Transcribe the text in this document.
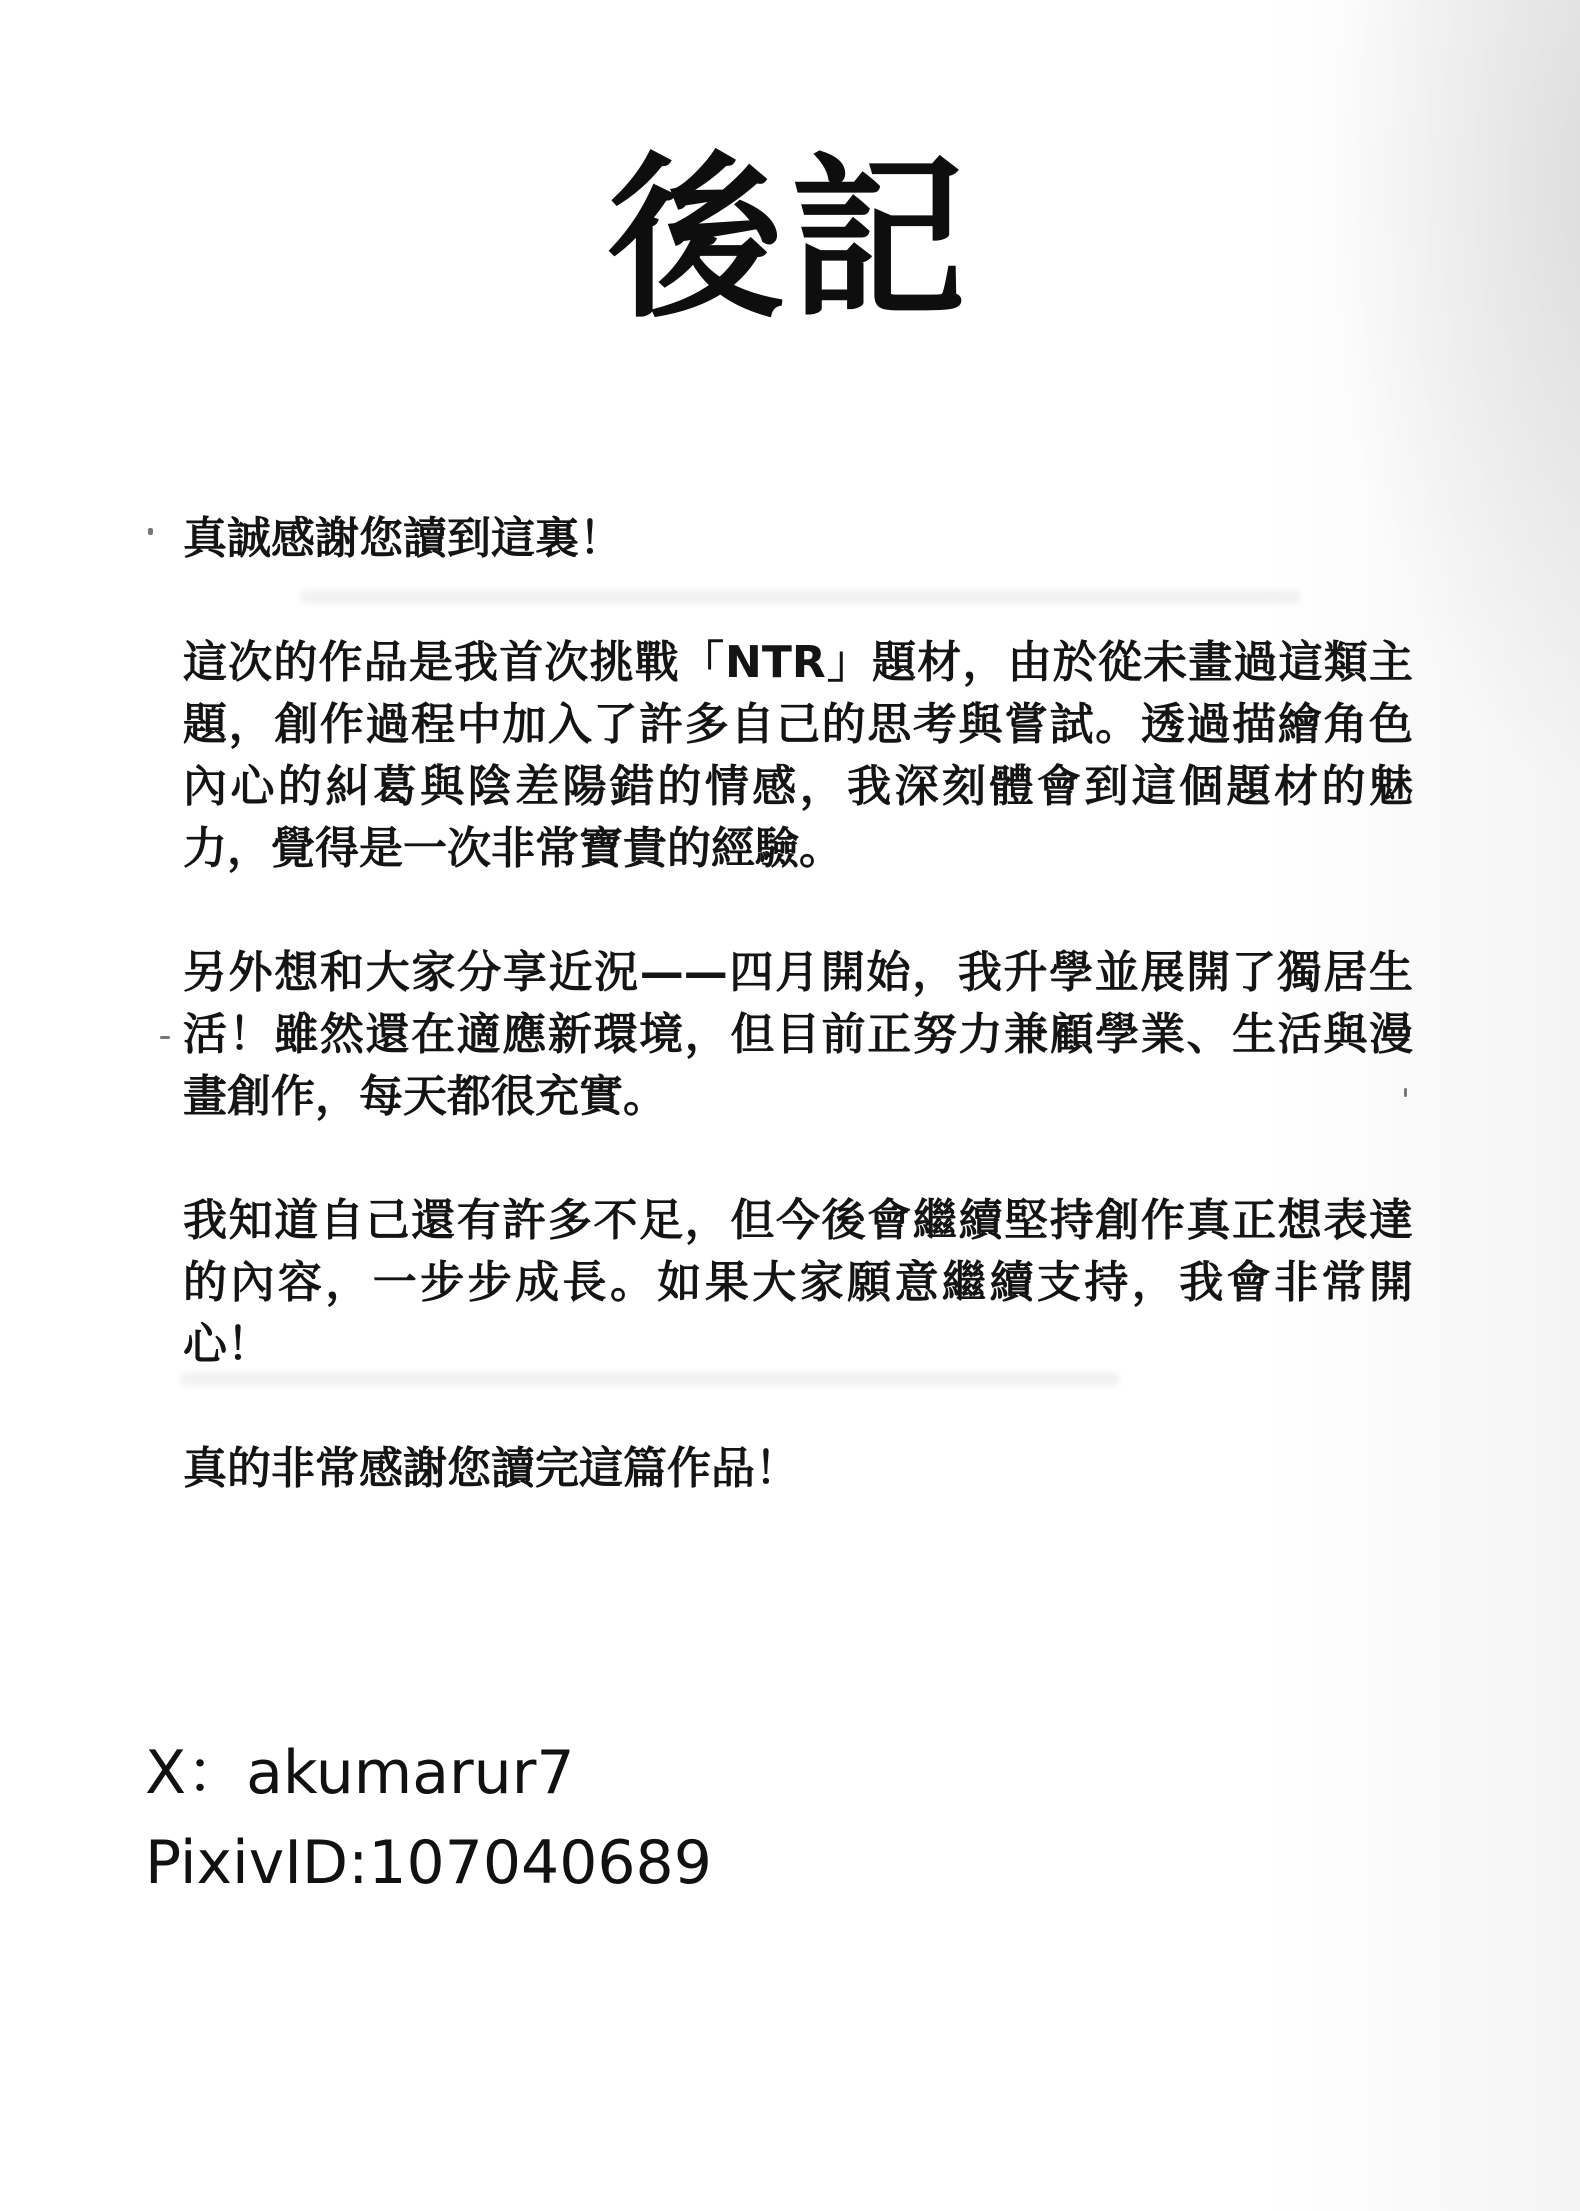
後記

真誠感謝您讀到這裏！

這次的作品是我首次挑戰「NTR」題材，由於從未畫過這類主題，創作過程中加入了許多自己的思考與嘗試。透過描繪角色內心的糾葛與陰差陽錯的情感，我深刻體會到這個題材的魅力，覺得是一次非常寶貴的經驗。

另外想和大家分享近況——四月開始，我升學並展開了獨居生活！雖然還在適應新環境，但目前正努力兼顧學業、生活與漫畫創作，每天都很充實。

我知道自己還有許多不足，但今後會繼續堅持創作真正想表達的內容，一步步成長。如果大家願意繼續支持，我會非常開心！

真的非常感謝您讀完這篇作品！

X：akumarur7
PixivID:107040689
